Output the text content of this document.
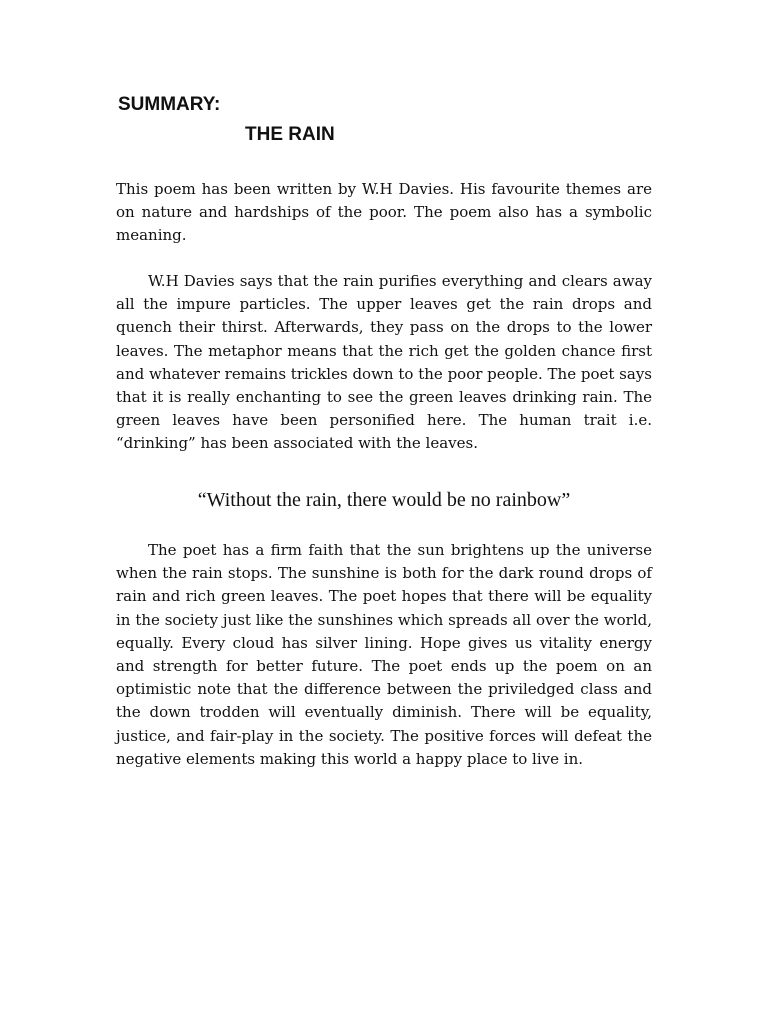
SUMMARY:
THE RAIN

This poem has been written by W.H Davies. His favourite themes are on nature and hardships of the poor. The poem also has a symbolic meaning.

W.H Davies says that the rain purifies everything and clears away all the impure particles. The upper leaves get the rain drops and quench their thirst. Afterwards, they pass on the drops to the lower leaves. The metaphor means that the rich get the golden chance first and whatever remains trickles down to the poor people. The poet says that it is really enchanting to see the green leaves drinking rain. The green leaves have been personified here. The human trait i.e. “drinking” has been associated with the leaves.

“Without the rain, there would be no rainbow”

The poet has a firm faith that the sun brightens up the universe when the rain stops. The sunshine is both for the dark round drops of rain and rich green leaves. The poet hopes that there will be equality in the society just like the sunshines which spreads all over the world, equally. Every cloud has silver lining. Hope gives us vitality energy and strength for better future. The poet ends up the poem on an optimistic note that the difference between the priviledged class and the down trodden will eventually diminish. There will be equality, justice, and fair-play in the society. The positive forces will defeat the negative elements making this world a happy place to live in.
